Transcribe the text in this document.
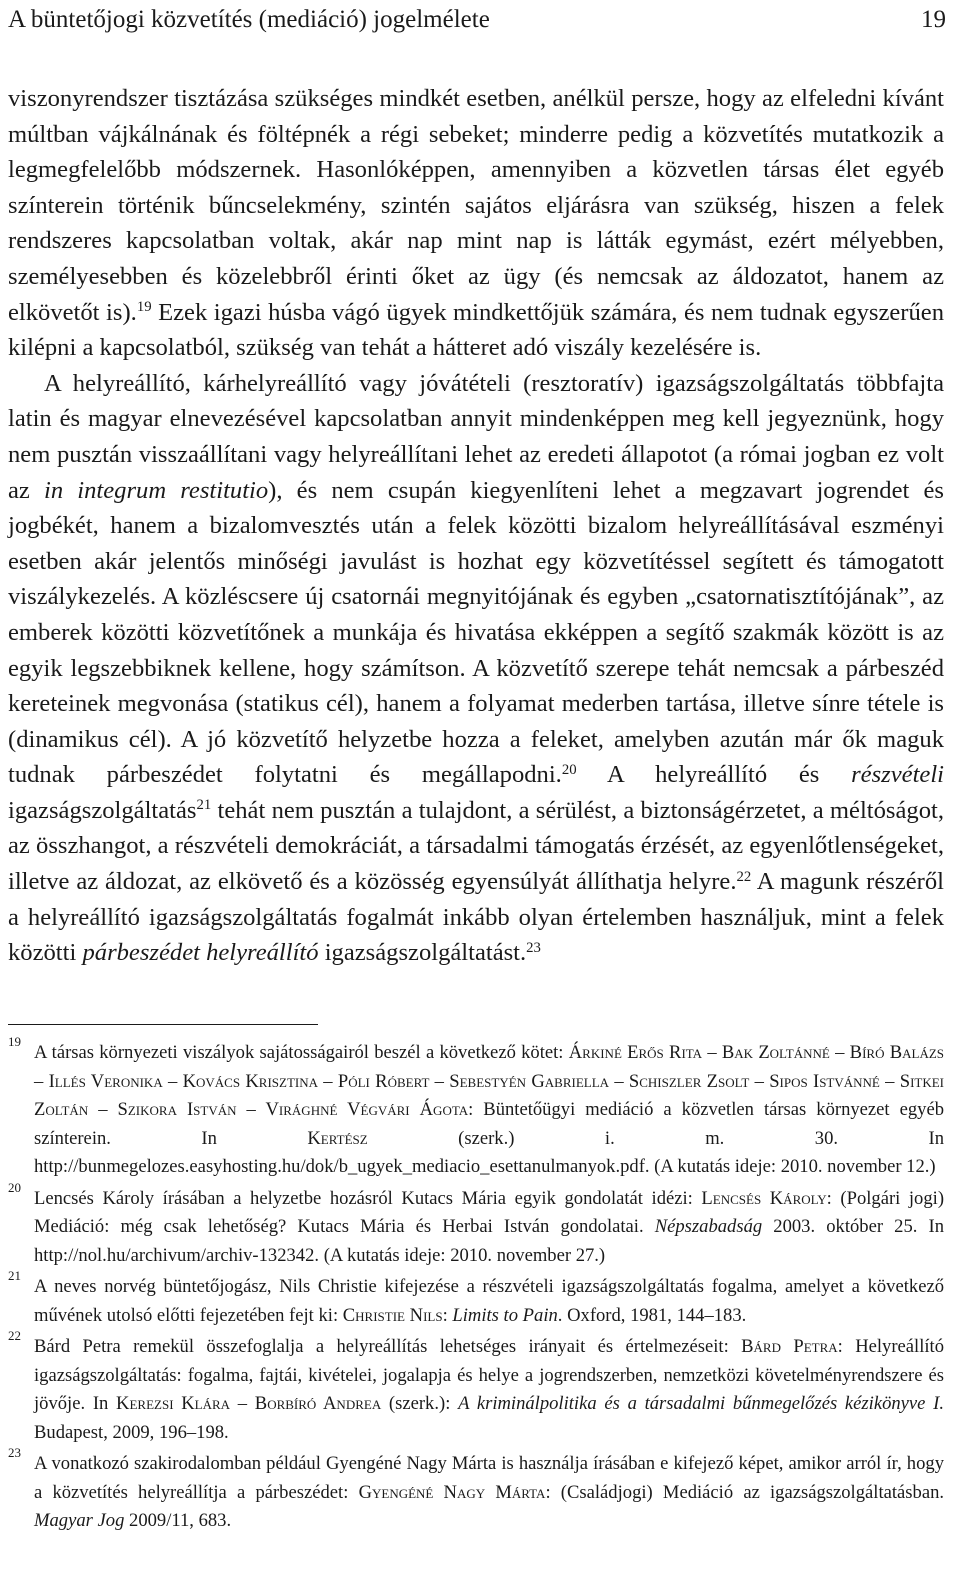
A büntetőjogi közvetítés (mediáció) jogelmélete	19

viszonyrendszer tisztázása szükséges mindkét esetben, anélkül persze, hogy az elfeledni kívánt múltban vájkálnának és föltépnék a régi sebeket; minderre pedig a közvetítés mutatkozik a legmegfelelőbb módszernek. Hasonlóképpen, amennyiben a közvetlen társas élet egyéb színterein történik bűncselekmény, szintén sajátos eljárásra van szükség, hiszen a felek rendszeres kapcsolatban voltak, akár nap mint nap is látták egymást, ezért mélyebben, személyesebben és közelebbről érinti őket az ügy (és nemcsak az áldozatot, hanem az elkövetőt is).$^{19}$ Ezek igazi húsba vágó ügyek mindkettőjük számára, és nem tudnak egyszerűen kilépni a kapcsolatból, szükség van tehát a hátteret adó viszály kezelésére is.

A helyreállító, kárhelyreállító vagy jóvátételi (resztoratív) igazságszolgáltatás többfajta latin és magyar elnevezésével kapcsolatban annyit mindenképpen meg kell jegyeznünk, hogy nem pusztán visszaállítani vagy helyreállítani lehet az eredeti állapotot (a római jogban ez volt az in integrum restitutio), és nem csupán kiegyenlíteni lehet a megzavart jogrendet és jogbékét, hanem a bizalomvesztés után a felek közötti bizalom helyreállításával eszményi esetben akár jelentős minőségi javulást is hozhat egy közvetítéssel segített és támogatott viszálykezelés. A közléscsere új csatornái megnyitójának és egyben „csatornatisztítójának”, az emberek közötti közvetítőnek a munkája és hivatása ekképpen a segítő szakmák között is az egyik legszebbiknek kellene, hogy számítson. A közvetítő szerepe tehát nemcsak a párbeszéd kereteinek megvonása (statikus cél), hanem a folyamat mederben tartása, illetve sínre tétele is (dinamikus cél). A jó közvetítő helyzetbe hozza a feleket, amelyben azután már ők maguk tudnak párbeszédet folytatni és megállapodni.$^{20}$ A helyreállító és részvételi igazságszolgáltatás$^{21}$ tehát nem pusztán a tulajdont, a sérülést, a biztonságérzetet, a méltóságot, az összhangot, a részvételi demokráciát, a társadalmi támogatás érzését, az egyenlőtlenségeket, illetve az áldozat, az elkövető és a közösség egyensúlyát állíthatja helyre.$^{22}$ A magunk részéről a helyreállító igazságszolgáltatás fogalmát inkább olyan értelemben használjuk, mint a felek közötti párbeszédet helyreállító igazságszolgáltatást.$^{23}$

19
A társas környezeti viszályok sajátosságairól beszél a következő kötet: Árkiné Erős Rita – Bak Zoltánné – Bíró Balázs – Illés Veronika – Kovács Krisztina – Póli Róbert – Sebestyén Gabriella – Schiszler Zsolt – Sipos Istvánné – Sitkei Zoltán – Szikora István – Virághné Végvári Ágota: Büntetőügyi mediáció a közvetlen társas környezet egyéb színterein. In Kertész (szerk.) i. m. 30. In http://bunmegelozes.easyhosting.hu/dok/b_ugyek_mediacio_esettanulmanyok.pdf. (A kutatás ideje: 2010. november 12.)
20
Lencsés Károly írásában a helyzetbe hozásról Kutacs Mária egyik gondolatát idézi: Lencsés Károly: (Polgári jogi) Mediáció: még csak lehetőség? Kutacs Mária és Herbai István gondolatai. Népszabadság 2003. október 25. In http://nol.hu/archivum/archiv-132342. (A kutatás ideje: 2010. november 27.)
21
A neves norvég büntetőjogász, Nils Christie kifejezése a részvételi igazságszolgáltatás fogalma, amelyet a következő művének utolsó előtti fejezetében fejt ki: Christie Nils: Limits to Pain. Oxford, 1981, 144–183.
22
Bárd Petra remekül összefoglalja a helyreállítás lehetséges irányait és értelmezéseit: Bárd Petra: Helyreállító igazságszolgáltatás: fogalma, fajtái, kivételei, jogalapja és helye a jogrendszerben, nemzetközi követelményrendszere és jövője. In Kerezsi Klára – Borbíró Andrea (szerk.): A kriminálpolitika és a társadalmi bűnmegelőzés kézikönyve I. Budapest, 2009, 196–198.
23
A vonatkozó szakirodalomban például Gyengéné Nagy Márta is használja írásában e kifejező képet, amikor arról ír, hogy a közvetítés helyreállítja a párbeszédet: Gyengéné Nagy Márta: (Családjogi) Mediáció az igazságszolgáltatásban. Magyar Jog 2009/11, 683.
